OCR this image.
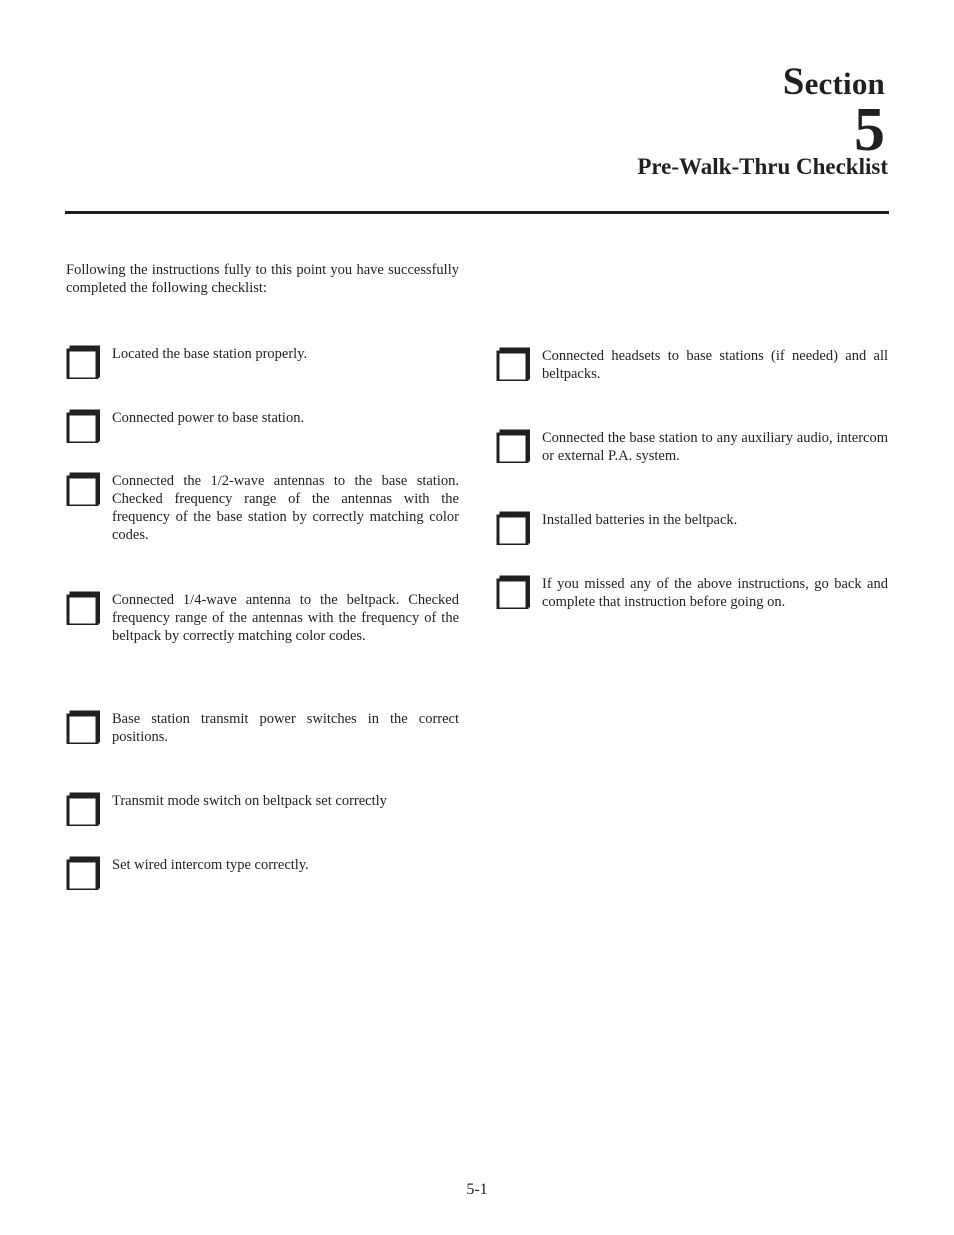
Section
5
Pre-Walk-Thru Checklist
Following the instructions fully to this point you have successfully completed the following checklist:
Located the base station properly.
Connected power to base station.
Connected the 1/2-wave antennas to the base station. Checked frequency range of the antennas with the frequency of the base station by correctly matching color codes.
Connected 1/4-wave antenna to the beltpack. Checked frequency range of the antennas with the frequency of the beltpack by correctly matching color codes.
Base station transmit power switches in the correct positions.
Transmit mode switch on beltpack set correctly
Set wired intercom type correctly.
Connected headsets to base stations (if needed) and all beltpacks.
Connected the base station to any auxiliary audio, intercom or external P.A. system.
Installed batteries in the beltpack.
If you missed any of the above instructions, go back and complete that instruction before going on.
5-1
